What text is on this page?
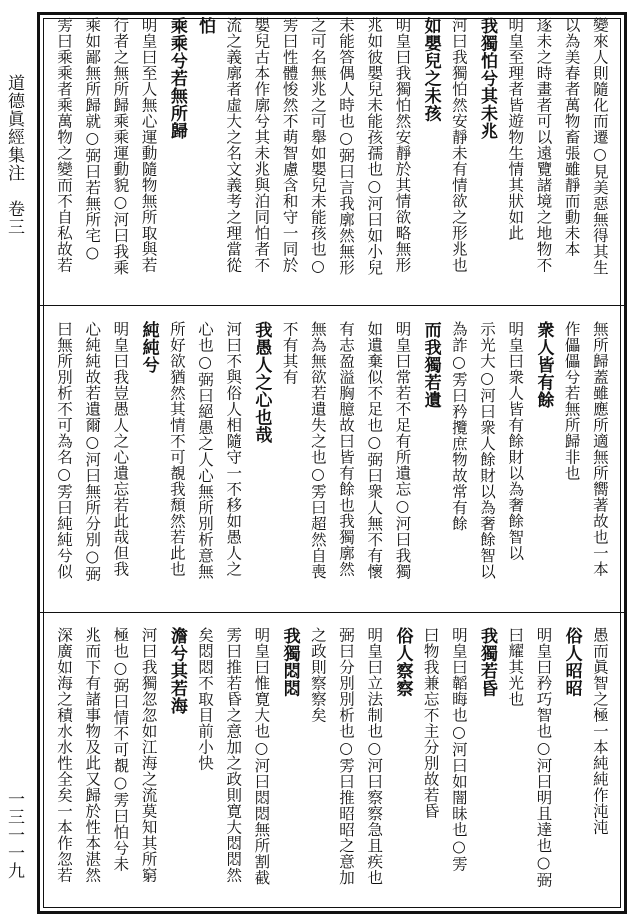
道德眞經集注　卷三
一三一一九
變來人則隨化而遷○見美惡無得其生
以為美春者萬物畜張雖靜而動未本
逐未之時畫者可以遠覽諸境之地物不
明皇至理者皆遊物生情其狀如此
我獨怕兮其未兆
河曰我獨怕然安靜未有情欲之形兆也
如嬰兒之未孩
明皇曰我獨怕然安靜於其情欲略無形
兆如彼嬰兒未能孩孺也○河曰如小兒
未能答偶人時也○弼曰言我廓然無形
之可名無兆之可舉如嬰兒未能孩也○
雱曰性體悛然不萌智慮含和守一同於
嬰兒古本作廓兮其未兆與泊同怕者不
流之義廓者虛大之名文義考之理當從
怕
乘乘兮若無所歸
明皇曰至人無心運動隨物無所取與若
行者之無所歸乘乘運動貌○河曰我乘
乘如鄙無所歸就○弼曰若無所宅○
雱曰乘乘者乘萬物之變而不自私故若
無所歸蓋雖應所適無所嚮著故也一本
作儡儡兮若無所歸非也
衆人皆有餘
明皇曰衆人皆有餘財以為奢餘智以
示光大○河曰衆人餘財以為奢餘智以
為詐○雱曰矜攬庶物故常有餘
而我獨若遺
明皇曰常若不足有所遺忘○河曰我獨
如遺棄似不足也○弼曰衆人無不有懷
有志盈溢胸臆故曰皆有餘也我獨廓然
無為無欲若遺失之也○雱曰超然自喪
不有其有
我愚人之心也哉
河曰不與俗人相隨守一不移如愚人之
心也○弼曰絕愚之人心無所別析意無
所好欲猶然其情不可覩我頹然若此也
純純兮
明皇曰我豈愚人之心遺忘若此哉但我
心純純故若遺爾○河曰無所分別○弼
曰無所別析不可為名○雱曰純純兮似
愚而眞智之極一本純純作沌沌
俗人昭昭
明皇曰矜巧智也○河曰明且達也○弼
曰耀其光也
我獨若昏
明皇曰韜晦也○河曰如闇昧也○雱
曰物我兼忘不主分別故若昏
俗人察察
明皇曰立法制也○河曰察察急且疾也
弼曰分別別析也○雱曰推昭昭之意加
之政則察察矣
我獨悶悶
明皇曰惟寛大也○河曰悶悶無所割截
雱曰推若昏之意加之政則寛大悶悶然
矣悶悶不取目前小快
澹兮其若海
河曰我獨忽忽如江海之流莫知其所窮
極也○弼曰情不可覩○雱曰怕兮未
兆而下有諸事物及此又歸於性本湛然
深廣如海之積水水性全矣一本作忽若
